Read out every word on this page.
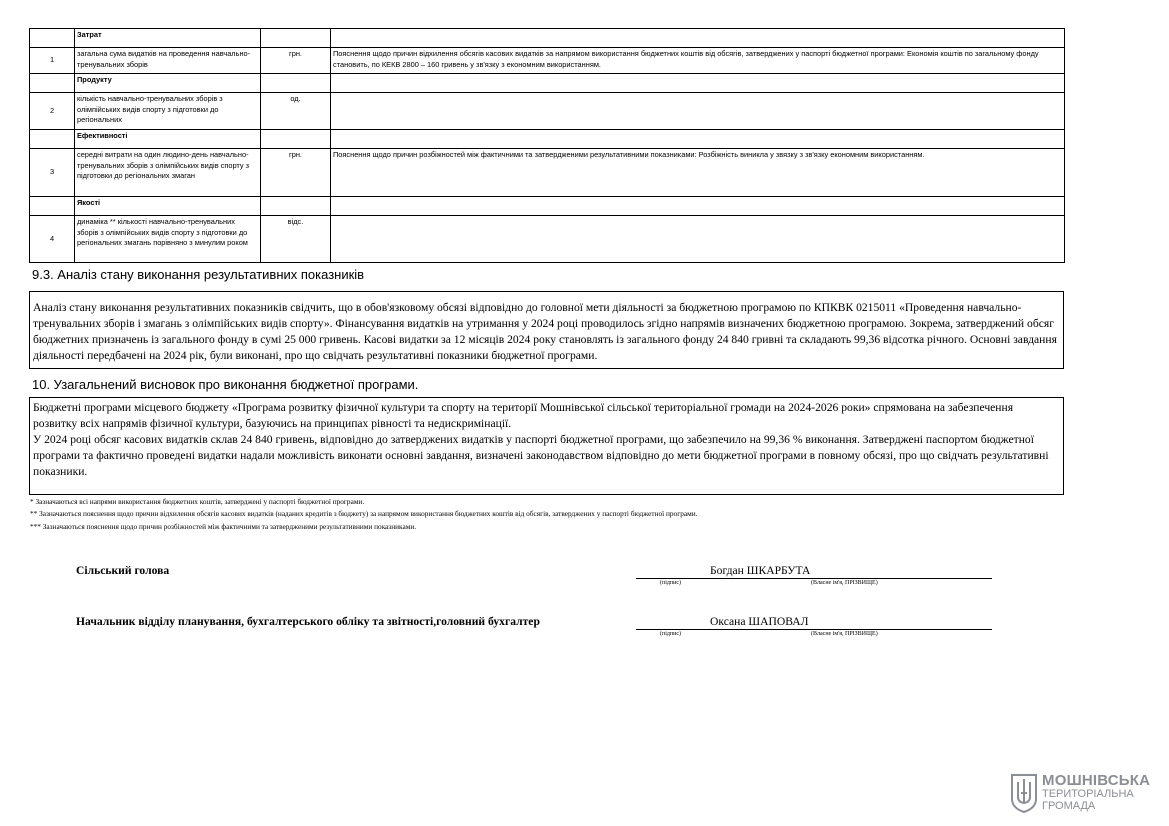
	Затрат		
1	загальна сума видатків на проведення навчально-тренувальних зборів	грн.	Пояснення щодо причин відхилення обсягів касових видатків за напрямом використання бюджетних коштів від обсягів, затверджених у паспорті бюджетної програми: Економія коштів по загальному фонду становить, по КЕКВ 2800 – 160 гривень у зв'язку з економним використанням.
	Продукту		
2	кількість навчально-тренувальних зборів з олімпійських видів спорту з підготовки до регіональних	од.	
	Ефективності		
3	середні витрати на один людино-день навчально-тренувальних зборів з олімпійських видів спорту з підготовки до регіональних змаган	грн.	Пояснення щодо причин розбіжностей між фактичними та затвердженими результативними показниками: Розбіжність виникла у звязку з зв'язку економним використанням.
	Якості		
4	динаміка ** кількості навчально-тренувальних зборів з олімпійських видів спорту з підготовки до регіональних змагань порівняно з минулим роком	відс.	
9.3. Аналіз стану виконання результативних показників

Аналіз стану виконання результативних показників свідчить, що в обов'язковому обсязі відповідно до головної мети діяльності за бюджетною програмою по КПКВК 0215011 «Проведення навчально-тренувальних зборів і змагань з олімпійських видів спорту». Фінансування видатків на утримання у 2024 році проводилось згідно напрямів визначених бюджетною програмою. Зокрема, затверджений обсяг бюджетних призначень із загального фонду в сумі 25 000 гривень. Касові видатки за 12 місяців 2024 року становлять із загального фонду 24 840 гривні та складають 99,36 відсотка річного. Основні завдання діяльності передбачені на 2024 рік, були виконані, про що свідчать результативні показники бюджетної програми.

10. Узагальнений висновок про виконання бюджетної програми.

Бюджетні програми місцевого бюджету «Програма розвитку фізичної культури та спорту на території Мошнівської сільської територіальної громади на 2024-2026 роки» спрямована на забезпечення розвитку всіх напрямів фізичної культури, базуючись на принципах рівності та недискримінації.

У 2024 році обсяг касових видатків склав 24 840 гривень, відповідно до затверджених видатків у паспорті бюджетної програми, що забезпечило на 99,36 % виконання. Затверджені паспортом бюджетної програми та фактично проведені видатки надали можливість виконати основні завдання, визначені законодавством відповідно до мети бюджетної програми в повному обсязі, про що свідчать результативні показники.

* Зазначаються всі напрями використання бюджетних коштів, затверджені у паспорті бюджетної програми.
** Зазначаються пояснення щодо причин відхилення обсягів касових видатків (наданих кредитів з бюджету) за напрямом використання бюджетних коштів від обсягів, затверджених у паспорті бюджетної програми.
*** Зазначаються пояснення щодо причин розбіжностей між фактичними та затвердженими результативними показниками.
Сільський голова	Богдан ШКАРБУТА
(підпис)	(Власне ім'я, ПРІЗВИЩЕ)
Начальник відділу планування, бухгалтерського обліку та звітності,головний бухгалтер	Оксана ШАПОВАЛ
(підпис)	(Власне ім'я, ПРІЗВИЩЕ)
МОШНІВСЬКА
ТЕРИТОРІАЛЬНА
ГРОМАДА
